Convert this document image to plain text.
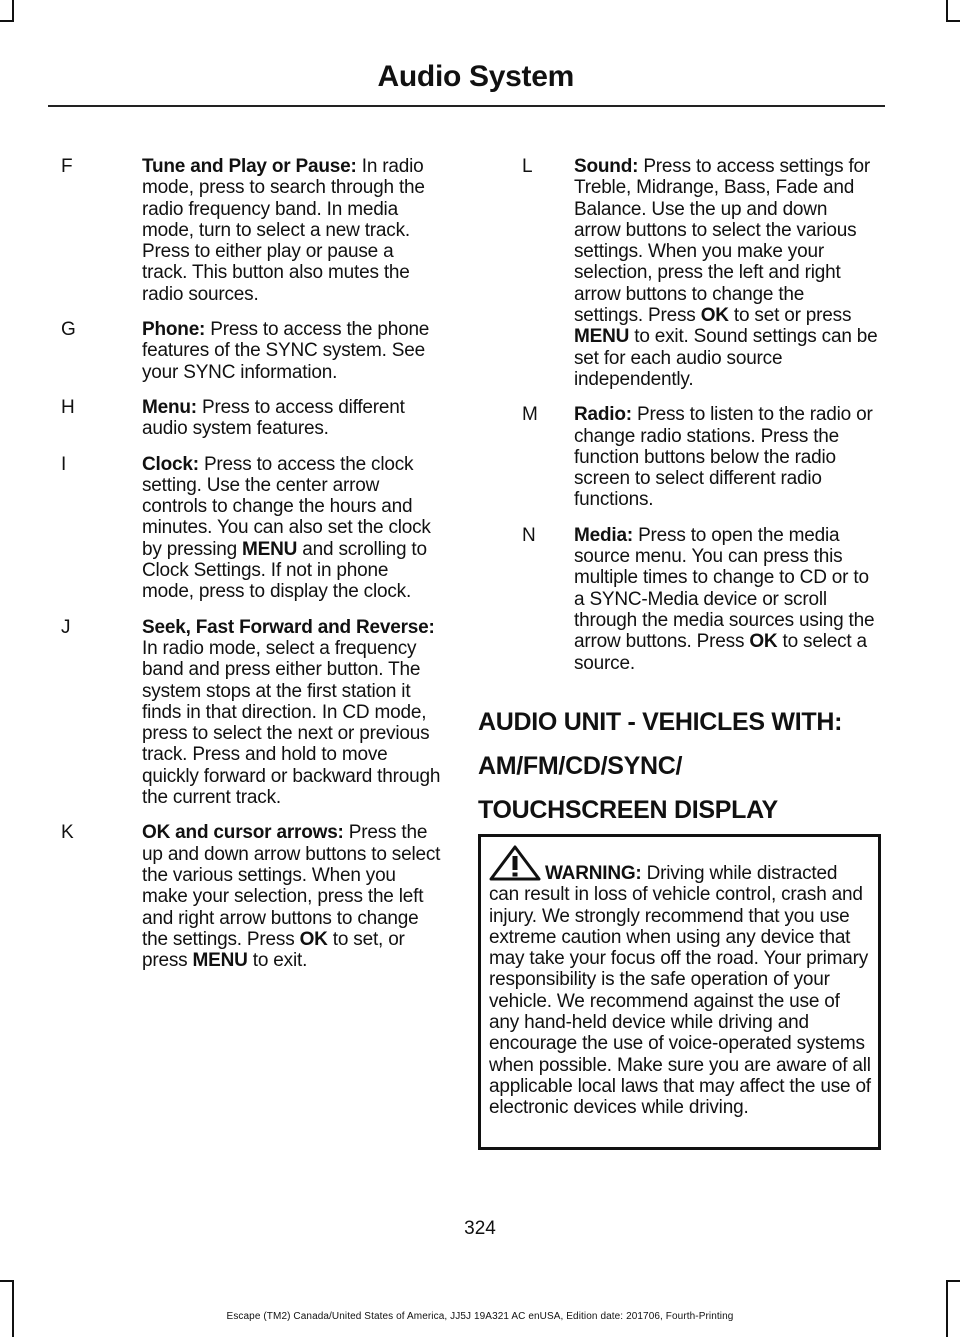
Audio System
F	Tune and Play or Pause: In radio mode, press to search through the radio frequency band. In media mode, turn to select a new track. Press to either play or pause a track. This button also mutes the radio sources.
G	Phone: Press to access the phone features of the SYNC system. See your SYNC information.
H	Menu: Press to access different audio system features.
I	Clock: Press to access the clock setting. Use the center arrow controls to change the hours and minutes. You can also set the clock by pressing MENU and scrolling to Clock Settings. If not in phone mode, press to display the clock.
J	Seek, Fast Forward and Reverse: In radio mode, select a frequency band and press either button. The system stops at the first station it finds in that direction. In CD mode, press to select the next or previous track. Press and hold to move quickly forward or backward through the current track.
K	OK and cursor arrows: Press the up and down arrow buttons to select the various settings. When you make your selection, press the left and right arrow buttons to change the settings. Press OK to set, or press MENU to exit.
L	Sound: Press to access settings for Treble, Midrange, Bass, Fade and Balance. Use the up and down arrow buttons to select the various settings. When you make your selection, press the left and right arrow buttons to change the settings. Press OK to set or press MENU to exit. Sound settings can be set for each audio source independently.
M	Radio: Press to listen to the radio or change radio stations. Press the function buttons below the radio screen to select different radio functions.
N	Media: Press to open the media source menu. You can press this multiple times to change to CD or to a SYNC-Media device or scroll through the media sources using the arrow buttons. Press OK to select a source.
AUDIO UNIT - VEHICLES WITH:
AM/FM/CD/SYNC/
TOUCHSCREEN DISPLAY
WARNING: Driving while distracted can result in loss of vehicle control, crash and injury. We strongly recommend that you use extreme caution when using any device that may take your focus off the road. Your primary responsibility is the safe operation of your vehicle. We recommend against the use of any hand-held device while driving and encourage the use of voice-operated systems when possible. Make sure you are aware of all applicable local laws that may affect the use of electronic devices while driving.
324
Escape (TM2) Canada/United States of America, JJ5J 19A321 AC enUSA, Edition date: 201706, Fourth-Printing
